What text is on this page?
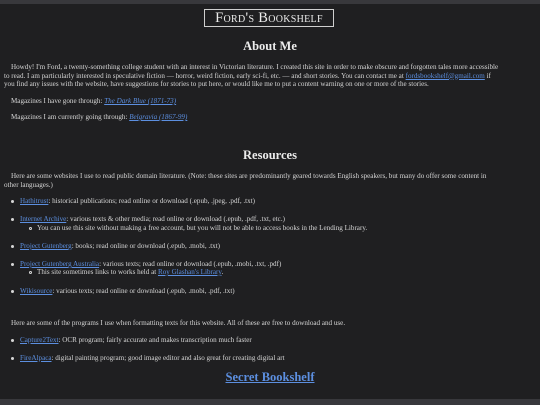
Ford's Bookshelf
About Me
Howdy! I'm Ford, a twenty-something college student with an interest in Victorian literature. I created this site in order to make obscure and forgotten tales more accessible
to read. I am particularly interested in speculative fiction — horror, weird fiction, early sci-fi, etc. — and short stories. You can contact me at fordsbookshelf@gmail.com if
you find any issues with the website, have suggestions for stories to put here, or would like me to put a content warning on one or more of the stories.
Magazines I have gone through: The Dark Blue (1871-73)
Magazines I am currently going through: Belgravia (1867-99)
Resources
Here are some websites I use to read public domain literature. (Note: these sites are predominantly geared towards English speakers, but many do offer some content in
other languages.)
Hathitrust: historical publications; read online or download (.epub, .jpeg, .pdf, .txt)
Internet Archive: various texts & other media; read online or download (.epub, .pdf, .txt, etc.)
You can use this site without making a free account, but you will not be able to access books in the Lending Library.
Project Gutenberg: books; read online or download (.epub, .mobi, .txt)
Project Gutenberg Australia: various texts; read online or download (.epub, .mobi, .txt, .pdf)
This site sometimes links to works held at Roy Glashan's Library.
Wikisource: various texts; read online or download (.epub, .mobi, .pdf, .txt)
Here are some of the programs I use when formatting texts for this website. All of these are free to download and use.
Capture2Text: OCR program; fairly accurate and makes transcription much faster
FireAlpaca: digital painting program; good image editor and also great for creating digital art
Secret Bookshelf
